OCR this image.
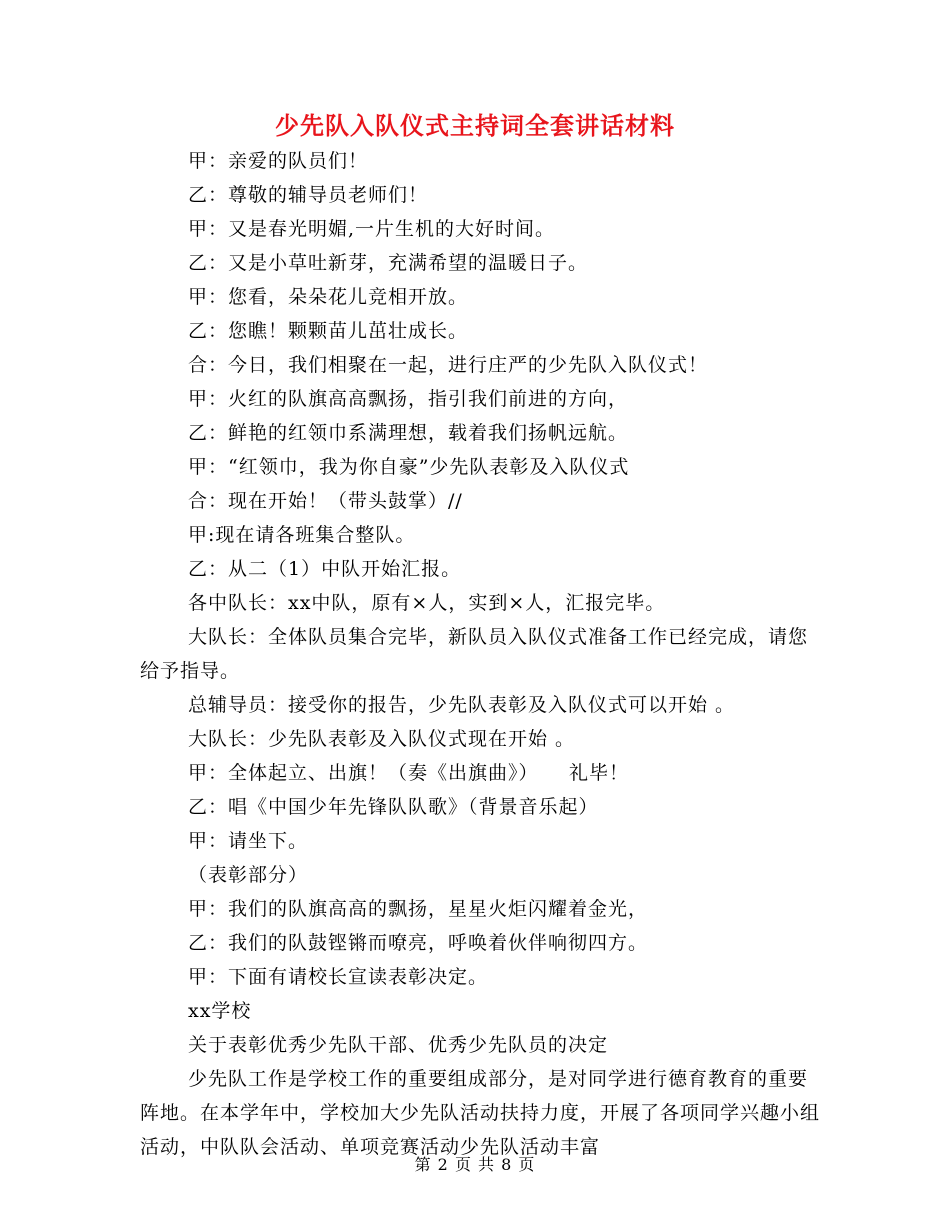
少先队入队仪式主持词全套讲话材料

甲：亲爱的队员们！

乙：尊敬的辅导员老师们！

甲：又是春光明媚,一片生机的大好时间。

乙：又是小草吐新芽，充满希望的温暖日子。

甲：您看，朵朵花儿竞相开放。

乙：您瞧！颗颗苗儿茁壮成长。

合：今日，我们相聚在一起，进行庄严的少先队入队仪式！

甲：火红的队旗高高飘扬，指引我们前进的方向，

乙：鲜艳的红领巾系满理想，载着我们扬帆远航。

甲：“红领巾，我为你自豪”少先队表彰及入队仪式

合：现在开始！（带头鼓掌）//

甲:现在请各班集合整队。

乙：从二（1）中队开始汇报。

各中队长：xx中队，原有×人，实到×人，汇报完毕。

大队长：全体队员集合完毕，新队员入队仪式准备工作已经完成，请您给予指导。

总辅导员：接受你的报告，少先队表彰及入队仪式可以开始 。

大队长：少先队表彰及入队仪式现在开始 。

甲：全体起立、出旗！（奏《出旗曲》）　　礼毕！

乙：唱《中国少年先锋队队歌》（背景音乐起）

甲：请坐下。

（表彰部分）

甲：我们的队旗高高的飘扬，星星火炬闪耀着金光，

乙：我们的队鼓铿锵而嘹亮，呼唤着伙伴响彻四方。

甲：下面有请校长宣读表彰决定。

xx学校

关于表彰优秀少先队干部、优秀少先队员的决定

少先队工作是学校工作的重要组成部分，是对同学进行德育教育的重要阵地。在本学年中，学校加大少先队活动扶持力度，开展了各项同学兴趣小组活动，中队队会活动、单项竞赛活动少先队活动丰富

第 2 页 共 8 页
